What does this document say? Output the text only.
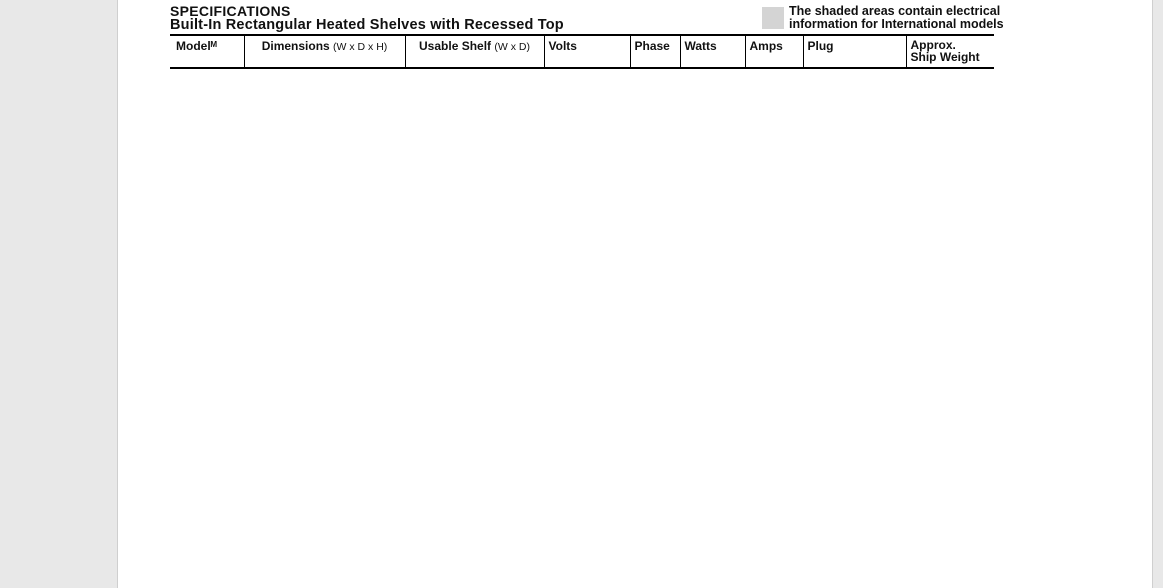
SPECIFICATIONS
Built-In Rectangular Heated Shelves with Recessed Top
The shaded areas contain electrical
information for International models
Modelᴹ	Dimensions (W x D x H)	Usable Shelf (W x D)	Volts	Phase	Watts	Amps	Plug	Approx.
Ship Weight
